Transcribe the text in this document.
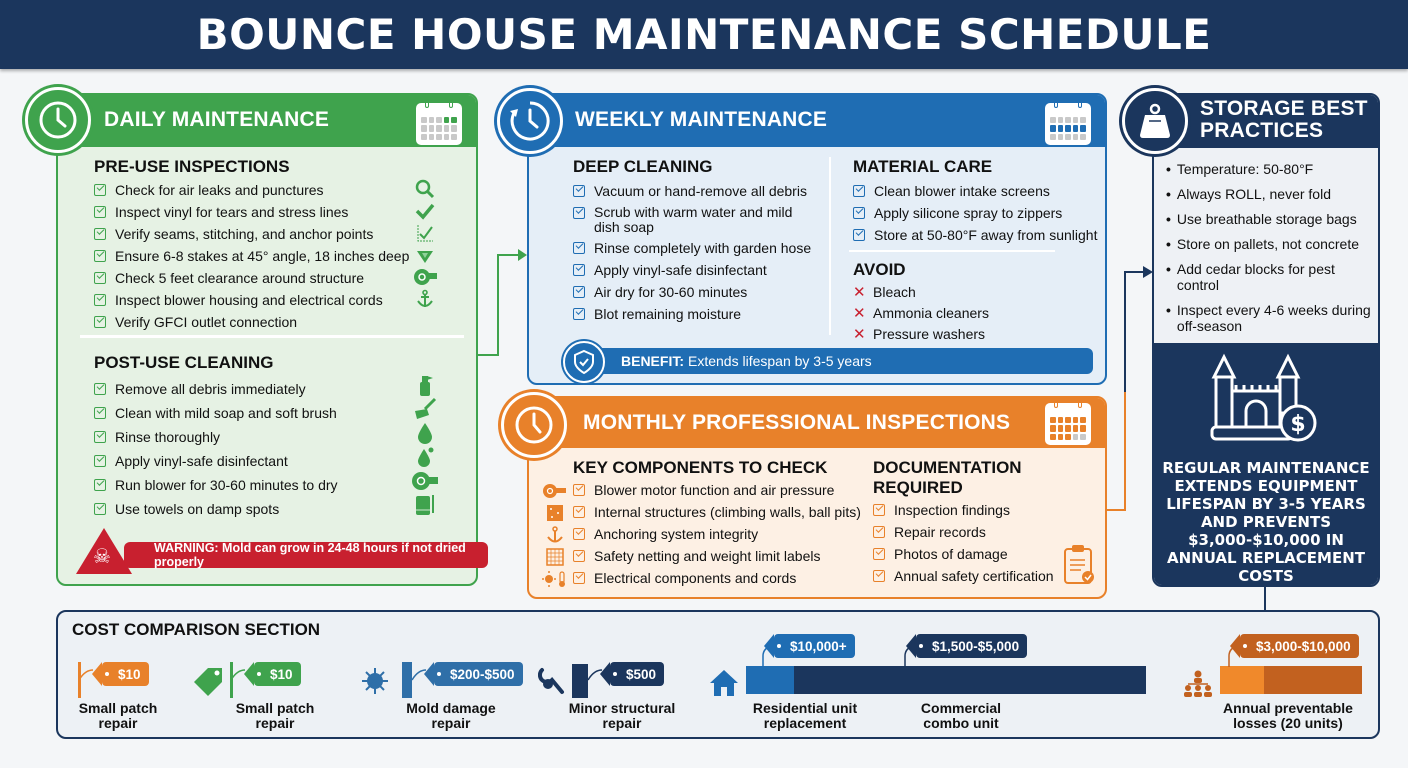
BOUNCE HOUSE MAINTENANCE SCHEDULE
DAILY MAINTENANCE
PRE-USE INSPECTIONS
Check for air leaks and punctures
Inspect vinyl for tears and stress lines
Verify seams, stitching, and anchor points
Ensure 6-8 stakes at 45° angle, 18 inches deep
Check 5 feet clearance around structure
Inspect blower housing and electrical cords
Verify GFCI outlet connection
POST-USE CLEANING
Remove all debris immediately
Clean with mild soap and soft brush
Rinse thoroughly
Apply vinyl-safe disinfectant
Run blower for 30-60 minutes to dry
Use towels on damp spots
☠	WARNING: Mold can grow in 24-48 hours if not dried properly
WEEKLY MAINTENANCE
DEEP CLEANING
Vacuum or hand-remove all debris
Scrub with warm water and mild dish soap
Rinse completely with garden hose
Apply vinyl-safe disinfectant
Air dry for 30-60 minutes
Blot remaining moisture
MATERIAL CARE
Clean blower intake screens
Apply silicone spray to zippers
Store at 50-80°F away from sunlight
AVOID
✕ Bleach
✕ Ammonia cleaners
✕ Pressure washers
BENEFIT: Extends lifespan by 3-5 years
MONTHLY PROFESSIONAL INSPECTIONS
KEY COMPONENTS TO CHECK
Blower motor function and air pressure
Internal structures (climbing walls, ball pits)
Anchoring system integrity
Safety netting and weight limit labels
Electrical components and cords
DOCUMENTATION REQUIRED
Inspection findings
Repair records
Photos of damage
Annual safety certification
STORAGE BEST
PRACTICES
• Temperature: 50-80°F
• Always ROLL, never fold
• Use breathable storage bags
• Store on pallets, not concrete
• Add cedar blocks for pest control
• Inspect every 4-6 weeks during off-season
$
REGULAR MAINTENANCE EXTENDS EQUIPMENT LIFESPAN BY 3-5 YEARS AND PREVENTS $3,000-$10,000 IN ANNUAL REPLACEMENT COSTS
COST COMPARISON SECTION
$10
Small patch
repair
$10
Small patch
repair
$200-$500
Mold damage
repair
$500
Minor structural
repair
$10,000+	$1,500-$5,000
Residential unit
replacement
Commercial
combo unit
$3,000-$10,000
Annual preventable
losses (20 units)
